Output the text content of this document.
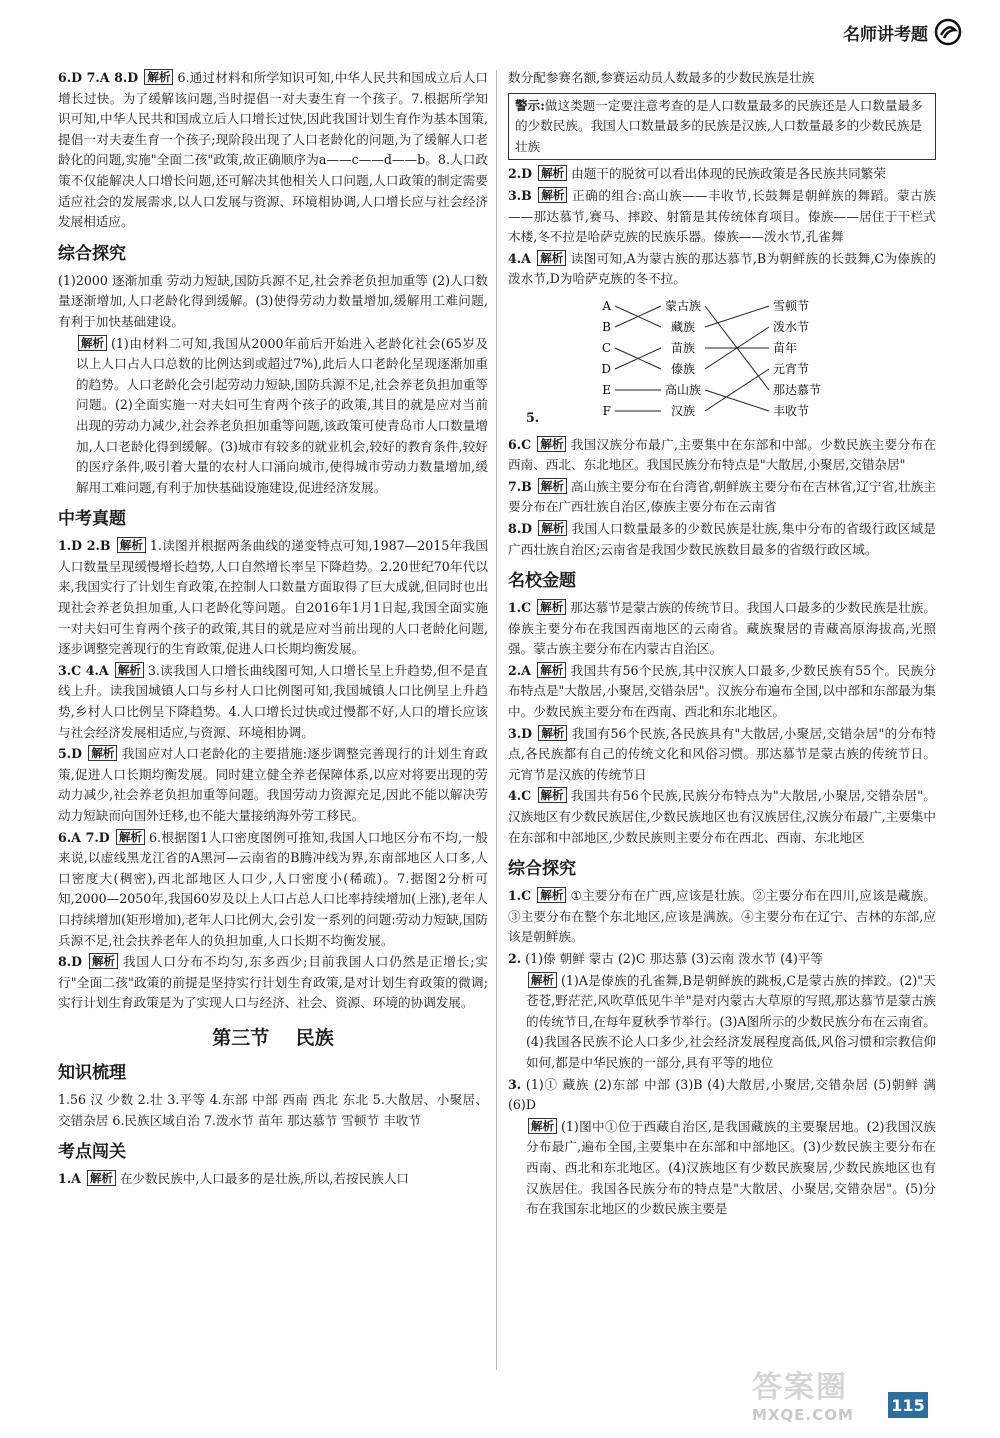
名师讲考题

6.D 7.A 8.D 解析 6.通过材料和所学知识可知,中华人民共和国成立后人口增长过快。为了缓解该问题,当时提倡一对夫妻生育一个孩子。7.根据所学知识可知,中华人民共和国成立后人口增长过快,因此我国计划生育作为基本国策,提倡一对夫妻生育一个孩子;现阶段出现了人口老龄化的问题,为了缓解人口老龄化的问题,实施"全面二孩"政策,故正确顺序为a——c——d——b。8.人口政策不仅能解决人口增长问题,还可解决其他相关人口问题,人口政策的制定需要适应社会的发展需求,以人口发展与资源、环境相协调,人口增长应与社会经济发展相适应。

综合探究

(1)2000 逐渐加重 劳动力短缺,国防兵源不足,社会养老负担加重等 (2)人口数量逐渐增加,人口老龄化得到缓解。(3)使得劳动力数量增加,缓解用工难问题,有利于加快基础建设。

解析 (1)由材料二可知,我国从2000年前后开始进入老龄化社会(65岁及以上人口占人口总数的比例达到或超过7%),此后人口老龄化呈现逐渐加重的趋势。人口老龄化会引起劳动力短缺,国防兵源不足,社会养老负担加重等问题。(2)全面实施一对夫妇可生育两个孩子的政策,其目的就是应对当前出现的劳动力减少,社会养老负担加重等问题,该政策可使青岛市人口数量增加,人口老龄化得到缓解。(3)城市有较多的就业机会,较好的教育条件,较好的医疗条件,吸引着大量的农村人口涌向城市,使得城市劳动力数量增加,缓解用工难问题,有利于加快基础设施建设,促进经济发展。

中考真题

1.D 2.B 解析 1.读图并根据两条曲线的递变特点可知,1987—2015年我国人口数量呈现缓慢增长趋势,人口自然增长率呈下降趋势。2.20世纪70年代以来,我国实行了计划生育政策,在控制人口数量方面取得了巨大成就,但同时也出现社会养老负担加重,人口老龄化等问题。自2016年1月1日起,我国全面实施一对夫妇可生育两个孩子的政策,其目的就是应对当前出现的人口老龄化问题,逐步调整完善现行的生育政策,促进人口长期均衡发展。

3.C 4.A 解析 3.读我国人口增长曲线图可知,人口增长呈上升趋势,但不是直线上升。读我国城镇人口与乡村人口比例图可知,我国城镇人口比例呈上升趋势,乡村人口比例呈下降趋势。4.人口增长过快或过慢都不好,人口的增长应该与社会经济发展相适应,与资源、环境相协调。

5.D 解析 我国应对人口老龄化的主要措施:逐步调整完善现行的计划生育政策,促进人口长期均衡发展。同时建立健全养老保障体系,以应对将要出现的劳动力减少,社会养老负担加重等问题。我国劳动力资源充足,因此不能以解决劳动力短缺而向国外迁移,也不能大量接纳海外劳工移民。

6.A 7.D 解析 6.根据图1人口密度图例可推知,我国人口地区分布不均,一般来说,以虚线黑龙江省的A黑河—云南省的B腾冲线为界,东南部地区人口多,人口密度大(稠密),西北部地区人口少,人口密度小(稀疏)。7.据图2分析可知,2000—2050年,我国60岁及以上人口占总人口比率持续增加(上涨),老年人口持续增加(矩形增加),老年人口比例大,会引发一系列的问题:劳动力短缺,国防兵源不足,社会扶养老年人的负担加重,人口长期不均衡发展。

8.D 解析 我国人口分布不均匀,东多西少;目前我国人口仍然是正增长;实行"全面二孩"政策的前提是坚持实行计划生育政策,是对计划生育政策的微调;实行计划生育政策是为了实现人口与经济、社会、资源、环境的协调发展。

第三节 民族
知识梳理

1.56 汉 少数 2.壮 3.平等 4.东部 中部 西南 西北 东北 5.大散居、小聚居、交错杂居 6.民族区域自治 7.泼水节 苗年 那达慕节 雪顿节 丰收节

考点闯关

1.A 解析 在少数民族中,人口最多的是壮族,所以,若按民族人口

数分配参赛名额,参赛运动员人数最多的少数民族是壮族

警示:做这类题一定要注意考查的是人口数量最多的民族还是人口数量最多的少数民族。我国人口数量最多的民族是汉族,人口数量最多的少数民族是壮族

2.D 解析 由题干的脱贫可以看出体现的民族政策是各民族共同繁荣

3.B 解析 正确的组合:高山族——丰收节,长鼓舞是朝鲜族的舞蹈。蒙古族——那达慕节,赛马、摔跤、射箭是其传统体育项目。傣族——居住于干栏式木楼,冬不拉是哈萨克族的民族乐器。傣族——泼水节,孔雀舞

4.A 解析 读图可知,A为蒙古族的那达慕节,B为朝鲜族的长鼓舞,C为傣族的泼水节,D为哈萨克族的冬不拉。

5.
A
B
C
D
E
F
蒙古族
藏族
苗族
傣族
高山族
汉族
雪顿节
泼水节
苗年
元宵节
那达慕节
丰收节

6.C 解析 我国汉族分布最广,主要集中在东部和中部。少数民族主要分布在西南、西北、东北地区。我国民族分布特点是"大散居,小聚居,交错杂居"

7.B 解析 高山族主要分布在台湾省,朝鲜族主要分布在吉林省,辽宁省,壮族主要分布在广西壮族自治区,傣族主要分布在云南省

8.D 解析 我国人口数量最多的少数民族是壮族,集中分布的省级行政区域是广西壮族自治区;云南省是我国少数民族数目最多的省级行政区域。

名校金题

1.C 解析 那达慕节是蒙古族的传统节日。我国人口最多的少数民族是壮族。傣族主要分布在我国西南地区的云南省。藏族聚居的青藏高原海拔高,光照强。蒙古族主要分布在内蒙古自治区。

2.A 解析 我国共有56个民族,其中汉族人口最多,少数民族有55个。民族分布特点是"大散居,小聚居,交错杂居"。汉族分布遍布全国,以中部和东部最为集中。少数民族主要分布在西南、西北和东北地区。

3.D 解析 我国有56个民族,各民族具有"大散居,小聚居,交错杂居"的分布特点,各民族都有自己的传统文化和风俗习惯。那达慕节是蒙古族的传统节日。元宵节是汉族的传统节日

4.C 解析 我国共有56个民族,民族分布特点为"大散居,小聚居,交错杂居"。汉族地区有少数民族居住,少数民族地区也有汉族居住,汉族分布最广,主要集中在东部和中部地区,少数民族则主要分布在西北、西南、东北地区

综合探究

1.C 解析 ①主要分布在广西,应该是壮族。②主要分布在四川,应该是藏族。③主要分布在整个东北地区,应该是满族。④主要分布在辽宁、吉林的东部,应该是朝鲜族。

2. (1)傣 朝鲜 蒙古 (2)C 那达慕 (3)云南 泼水节 (4)平等

解析 (1)A是傣族的孔雀舞,B是朝鲜族的跳板,C是蒙古族的摔跤。(2)"天苍苍,野茫茫,风吹草低见牛羊"是对内蒙古大草原的写照,那达慕节是蒙古族的传统节日,在每年夏秋季节举行。(3)A图所示的少数民族分布在云南省。(4)我国各民族不论人口多少,社会经济发展程度高低,风俗习惯和宗教信仰如何,都是中华民族的一部分,具有平等的地位

3. (1)① 藏族 (2)东部 中部 (3)B (4)大散居,小聚居,交错杂居 (5)朝鲜 满 (6)D

解析 (1)图中①位于西藏自治区,是我国藏族的主要聚居地。(2)我国汉族分布最广,遍布全国,主要集中在东部和中部地区。(3)少数民族主要分布在西南、西北和东北地区。(4)汉族地区有少数民族聚居,少数民族地区也有汉族居住。我国各民族分布的特点是"大散居、小聚居,交错杂居"。(5)分布在我国东北地区的少数民族主要是

答案圈
MXQE.COM
115
